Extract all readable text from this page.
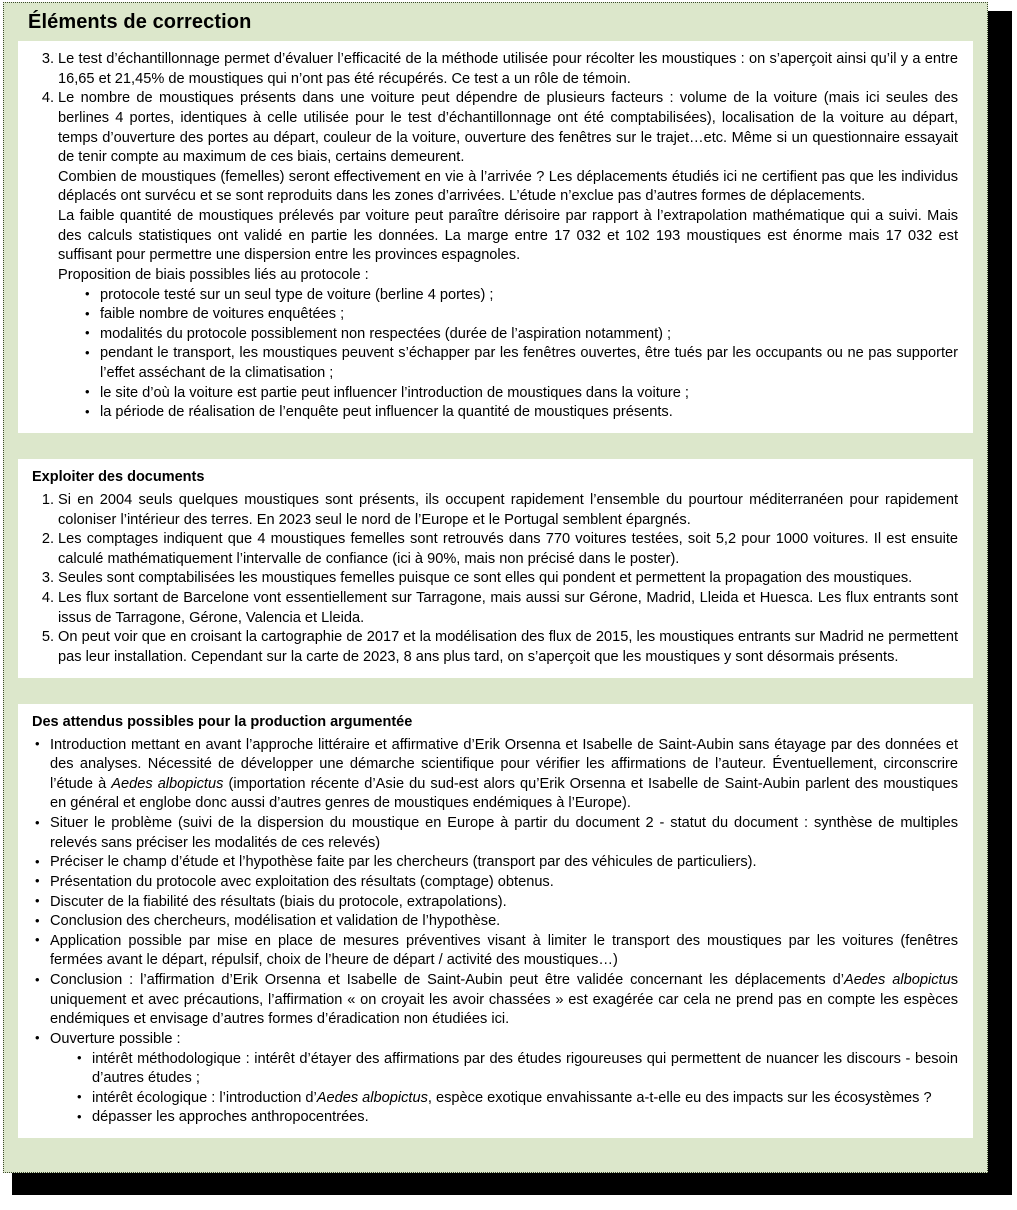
Éléments de correction
3. Le test d’échantillonnage permet d’évaluer l’efficacité de la méthode utilisée pour récolter les moustiques : on s’aperçoit ainsi qu’il y a entre 16,65 et 21,45% de moustiques qui n’ont pas été récupérés. Ce test a un rôle de témoin.
4. Le nombre de moustiques présents dans une voiture peut dépendre de plusieurs facteurs : volume de la voiture (mais ici seules des berlines 4 portes, identiques à celle utilisée pour le test d’échantillonnage ont été comptabilisées), localisation de la voiture au départ, temps d’ouverture des portes au départ, couleur de la voiture, ouverture des fenêtres sur le trajet…etc. Même si un questionnaire essayait de tenir compte au maximum de ces biais, certains demeurent.
Combien de moustiques (femelles) seront effectivement en vie à l’arrivée ? Les déplacements étudiés ici ne certifient pas que les individus déplacés ont survécu et se sont reproduits dans les zones d’arrivées. L’étude n’exclue pas d’autres formes de déplacements.
La faible quantité de moustiques prélevés par voiture peut paraître dérisoire par rapport à l’extrapolation mathématique qui a suivi. Mais des calculs statistiques ont validé en partie les données. La marge entre 17 032 et 102 193 moustiques est énorme mais 17 032 est suffisant pour permettre une dispersion entre les provinces espagnoles.
Proposition de biais possibles liés au protocole :
• protocole testé sur un seul type de voiture (berline 4 portes) ;
• faible nombre de voitures enquêtées ;
• modalités du protocole possiblement non respectées (durée de l’aspiration notamment) ;
• pendant le transport, les moustiques peuvent s’échapper par les fenêtres ouvertes, être tués par les occupants ou ne pas supporter l’effet asséchant de la climatisation ;
• le site d’où la voiture est partie peut influencer l’introduction de moustiques dans la voiture ;
• la période de réalisation de l’enquête peut influencer la quantité de moustiques présents.
Exploiter des documents
1. Si en 2004 seuls quelques moustiques sont présents, ils occupent rapidement l’ensemble du pourtour méditerranéen pour rapidement coloniser l’intérieur des terres. En 2023 seul le nord de l’Europe et le Portugal semblent épargnés.
2. Les comptages indiquent que 4 moustiques femelles sont retrouvés dans 770 voitures testées, soit 5,2 pour 1000 voitures. Il est ensuite calculé mathématiquement l’intervalle de confiance (ici à 90%, mais non précisé dans le poster).
3. Seules sont comptabilisées les moustiques femelles puisque ce sont elles qui pondent et permettent la propagation des moustiques.
4. Les flux sortant de Barcelone vont essentiellement sur Tarragone, mais aussi sur Gérone, Madrid, Lleida et Huesca. Les flux entrants sont issus de Tarragone, Gérone, Valencia et Lleida.
5. On peut voir que en croisant la cartographie de 2017 et la modélisation des flux de 2015, les moustiques entrants sur Madrid ne permettent pas leur installation. Cependant sur la carte de 2023, 8 ans plus tard, on s’aperçoit que les moustiques y sont désormais présents.
Des attendus possibles pour la production argumentée
• Introduction mettant en avant l’approche littéraire et affirmative d’Erik Orsenna et Isabelle de Saint-Aubin sans étayage par des données et des analyses. Nécessité de développer une démarche scientifique pour vérifier les affirmations de l’auteur. Éventuellement, circonscrire l’étude à Aedes albopictus (importation récente d’Asie du sud-est alors qu’Erik Orsenna et Isabelle de Saint-Aubin parlent des moustiques en général et englobe donc aussi d’autres genres de moustiques endémiques à l’Europe).
• Situer le problème (suivi de la dispersion du moustique en Europe à partir du document 2 - statut du document : synthèse de multiples relevés sans préciser les modalités de ces relevés)
• Préciser le champ d’étude et l’hypothèse faite par les chercheurs (transport par des véhicules de particuliers).
• Présentation du protocole avec exploitation des résultats (comptage) obtenus.
• Discuter de la fiabilité des résultats (biais du protocole, extrapolations).
• Conclusion des chercheurs, modélisation et validation de l’hypothèse.
• Application possible par mise en place de mesures préventives visant à limiter le transport des moustiques par les voitures (fenêtres fermées avant le départ, répulsif, choix de l’heure de départ / activité des moustiques…)
• Conclusion : l’affirmation d’Erik Orsenna et Isabelle de Saint-Aubin peut être validée concernant les déplacements d’Aedes albopictus uniquement et avec précautions, l’affirmation « on croyait les avoir chassées » est exagérée car cela ne prend pas en compte les espèces endémiques et envisage d’autres formes d’éradication non étudiées ici.
• Ouverture possible :
• intérêt méthodologique : intérêt d’étayer des affirmations par des études rigoureuses qui permettent de nuancer les discours - besoin d’autres études ;
• intérêt écologique : l’introduction d’Aedes albopictus, espèce exotique envahissante a-t-elle eu des impacts sur les écosystèmes ?
• dépasser les approches anthropocentrées.
